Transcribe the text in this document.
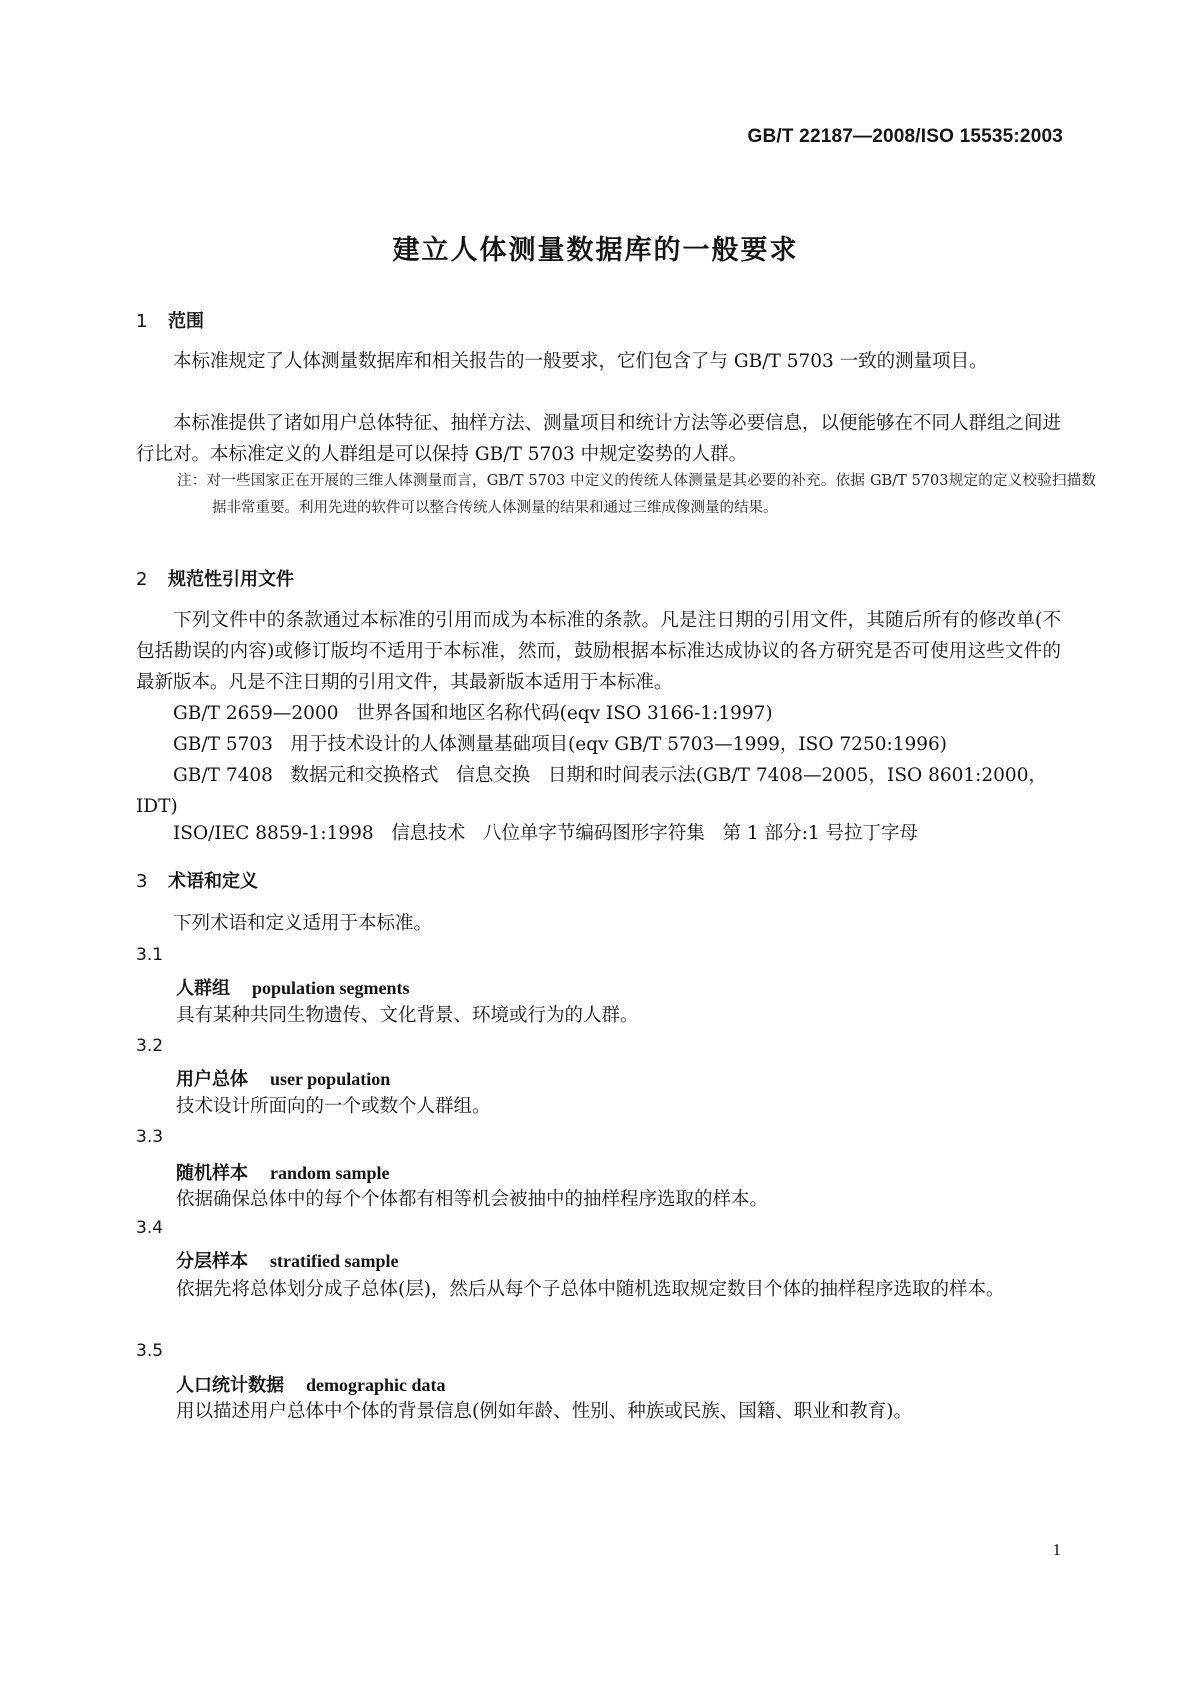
GB/T 22187—2008/ISO 15535:2003
建立人体测量数据库的一般要求
1 范围
本标准规定了人体测量数据库和相关报告的一般要求，它们包含了与 GB/T 5703 一致的测量项目。
本标准提供了诸如用户总体特征、抽样方法、测量项目和统计方法等必要信息，以便能够在不同人群组之间进行比对。本标准定义的人群组是可以保持 GB/T 5703 中规定姿势的人群。
注：对一些国家正在开展的三维人体测量而言，GB/T 5703 中定义的传统人体测量是其必要的补充。依据 GB/T 5703规定的定义校验扫描数据非常重要。利用先进的软件可以整合传统人体测量的结果和通过三维成像测量的结果。
2 规范性引用文件
下列文件中的条款通过本标准的引用而成为本标准的条款。凡是注日期的引用文件，其随后所有的修改单(不包括勘误的内容)或修订版均不适用于本标准，然而，鼓励根据本标准达成协议的各方研究是否可使用这些文件的最新版本。凡是不注日期的引用文件，其最新版本适用于本标准。
GB/T 2659—2000   世界各国和地区名称代码(eqv ISO 3166-1:1997)
GB/T 5703   用于技术设计的人体测量基础项目(eqv GB/T 5703—1999，ISO 7250:1996)
GB/T 7408   数据元和交换格式   信息交换   日期和时间表示法(GB/T 7408—2005，ISO 8601:2000，IDT)
ISO/IEC 8859-1:1998   信息技术   八位单字节编码图形字符集   第 1 部分:1 号拉丁字母
3 术语和定义
下列术语和定义适用于本标准。
3.1
人群组 population segments
具有某种共同生物遗传、文化背景、环境或行为的人群。
3.2
用户总体 user population
技术设计所面向的一个或数个人群组。
3.3
随机样本 random sample
依据确保总体中的每个个体都有相等机会被抽中的抽样程序选取的样本。
3.4
分层样本 stratified sample
依据先将总体划分成子总体(层)，然后从每个子总体中随机选取规定数目个体的抽样程序选取的样本。
3.5
人口统计数据 demographic data
用以描述用户总体中个体的背景信息(例如年龄、性别、种族或民族、国籍、职业和教育)。
1
